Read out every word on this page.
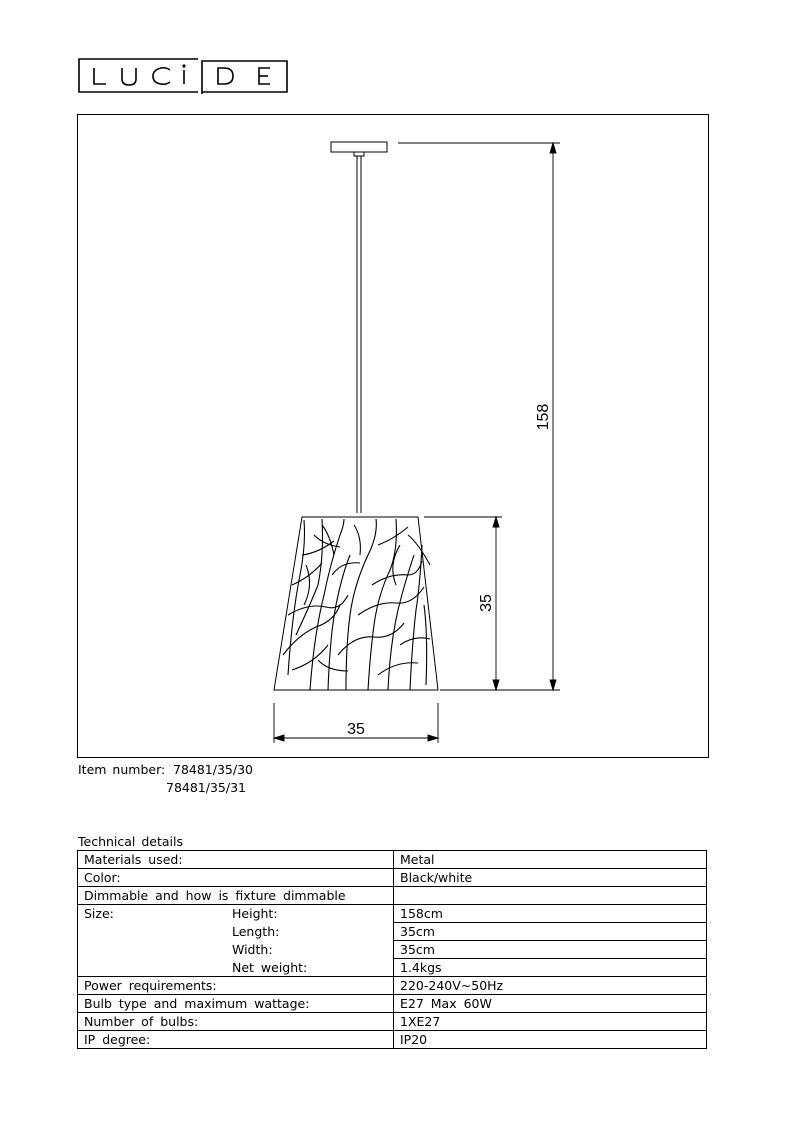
158
35
35
Item number: 78481/35/30
78481/35/31
Technical details
Materials used:	Metal
Color:	Black/white
Dimmable and how is fixture dimmable	
Size: Height:	158cm
Length:	35cm
Width:	35cm
Net weight:	1.4kgs
Power requirements:	220-240V~50Hz
Bulb type and maximum wattage:	E27 Max 60W
Number of bulbs:	1XE27
IP degree:	IP20
